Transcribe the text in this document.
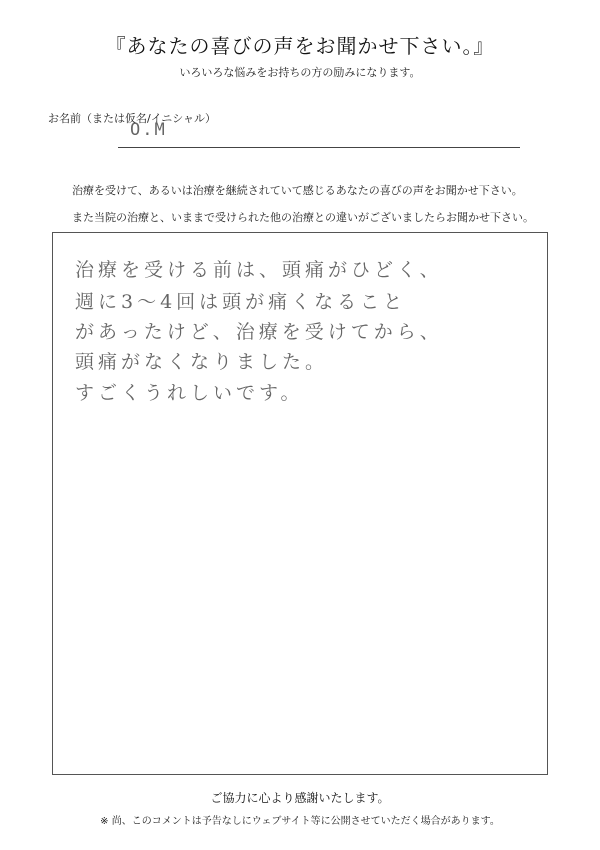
『あなたの喜びの声をお聞かせ下さい。』
いろいろな悩みをお持ちの方の励みになります。
お名前（または仮名/イニシャル）
O.M
治療を受けて、あるいは治療を継続されていて感じるあなたの喜びの声をお聞かせ下さい。
また当院の治療と、いままで受けられた他の治療との違いがございましたらお聞かせ下さい。
治療を受ける前は、頭痛がひどく、
週に3〜4回は頭が痛くなること
があったけど、治療を受けてから、
頭痛がなくなりました。
すごくうれしいです。
ご協力に心より感謝いたします。
※ 尚、このコメントは予告なしにウェブサイト等に公開させていただく場合があります。
